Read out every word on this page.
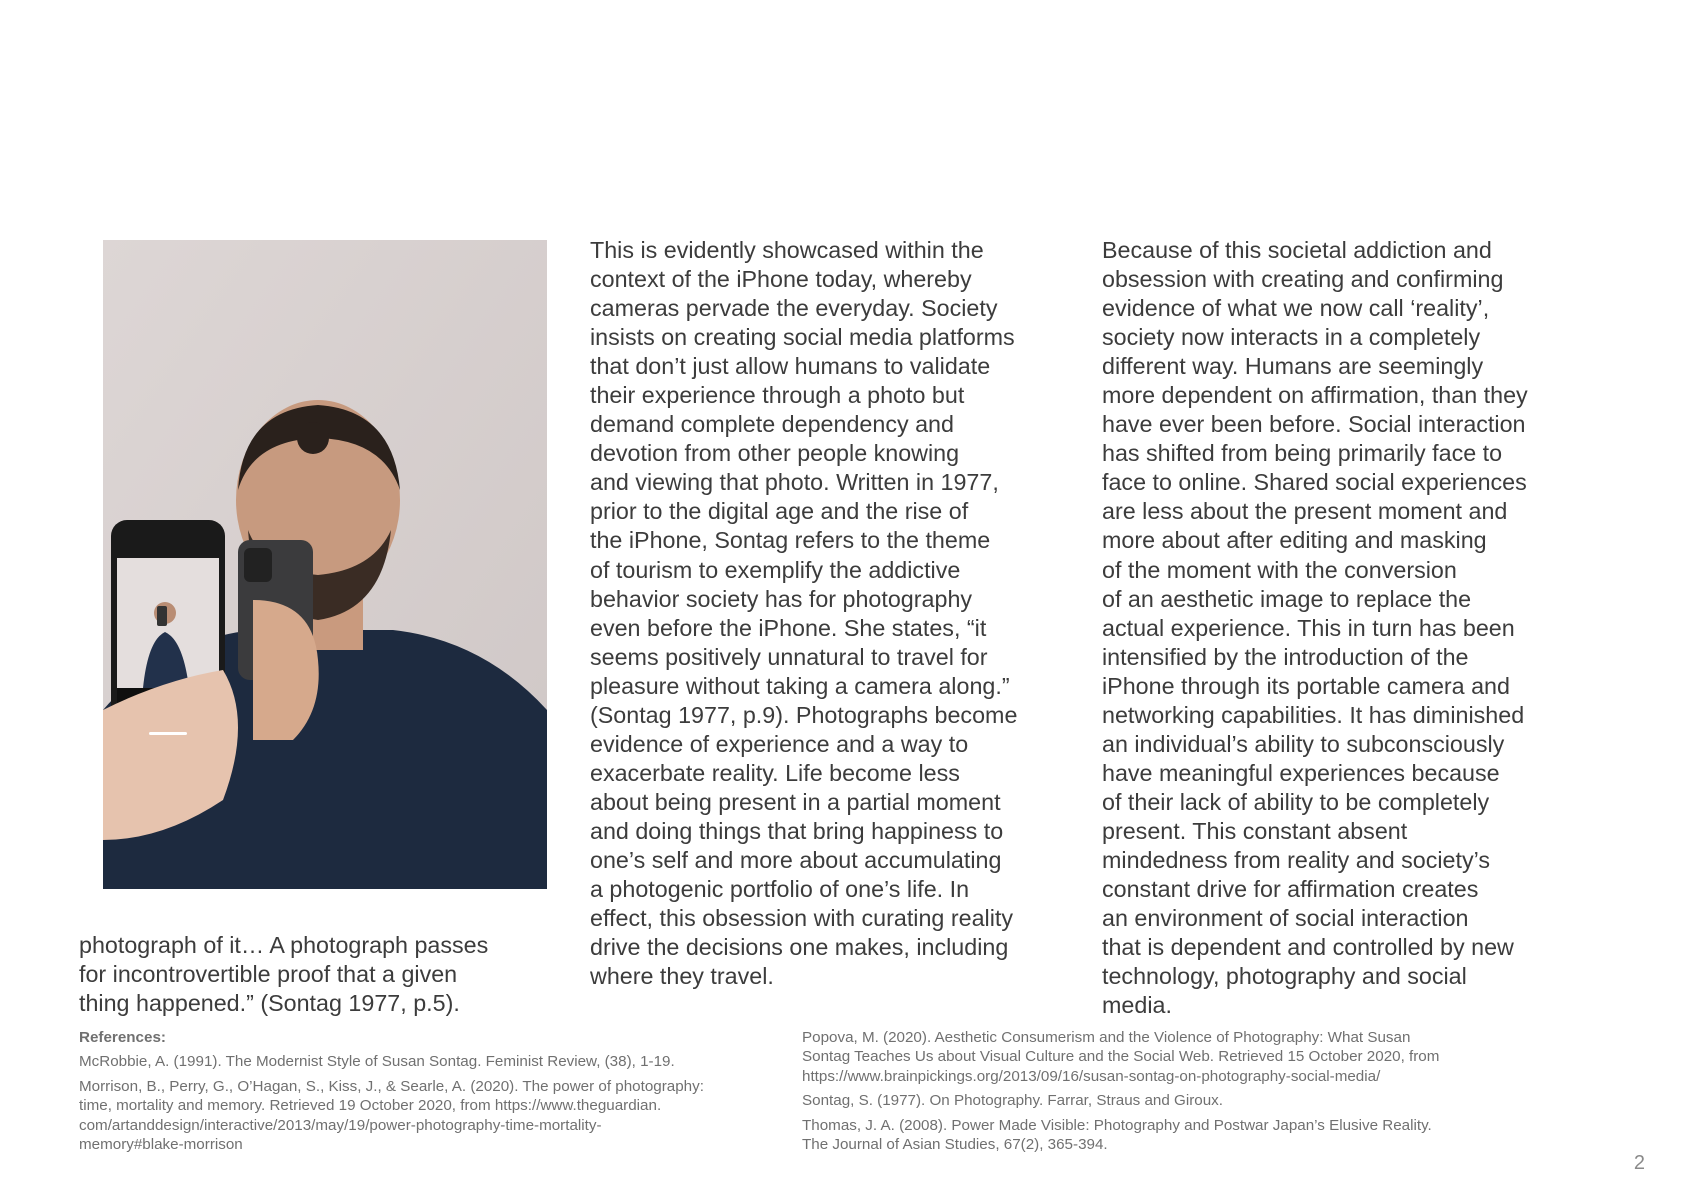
photograph of it… A photograph passes
for incontrovertible proof that a given
thing happened.” (Sontag 1977, p.5).

This is evidently showcased within the
context of the iPhone today, whereby
cameras pervade the everyday. Society
insists on creating social media platforms
that don’t just allow humans to validate
their experience through a photo but
demand complete dependency and
devotion from other people knowing
and viewing that photo. Written in 1977,
prior to the digital age and the rise of
the iPhone, Sontag refers to the theme
of tourism to exemplify the addictive
behavior society has for photography
even before the iPhone. She states, “it
seems positively unnatural to travel for
pleasure without taking a camera along.”
(Sontag 1977, p.9). Photographs become
evidence of experience and a way to
exacerbate reality. Life become less
about being present in a partial moment
and doing things that bring happiness to
one’s self and more about accumulating
a photogenic portfolio of one’s life. In
effect, this obsession with curating reality
drive the decisions one makes, including
where they travel.

Because of this societal addiction and
obsession with creating and confirming
evidence of what we now call ‘reality’,
society now interacts in a completely
different way. Humans are seemingly
more dependent on affirmation, than they
have ever been before. Social interaction
has shifted from being primarily face to
face to online. Shared social experiences
are less about the present moment and
more about after editing and masking
of the moment with the conversion
of an aesthetic image to replace the
actual experience. This in turn has been
intensified by the introduction of the
iPhone through its portable camera and
networking capabilities. It has diminished
an individual’s ability to subconsciously
have meaningful experiences because
of their lack of ability to be completely
present. This constant absent
mindedness from reality and society’s
constant drive for affirmation creates
an environment of social interaction
that is dependent and controlled by new
technology, photography and social
media.

References:
McRobbie, A. (1991). The Modernist Style of Susan Sontag. Feminist Review, (38), 1-19.
Morrison, B., Perry, G., O’Hagan, S., Kiss, J., & Searle, A. (2020). The power of photography:
time, mortality and memory. Retrieved 19 October 2020, from https://www.theguardian.
com/artanddesign/interactive/2013/may/19/power-photography-time-mortality-
memory#blake-morrison
Popova, M. (2020). Aesthetic Consumerism and the Violence of Photography: What Susan
Sontag Teaches Us about Visual Culture and the Social Web. Retrieved 15 October 2020, from
https://www.brainpickings.org/2013/09/16/susan-sontag-on-photography-social-media/
Sontag, S. (1977). On Photography. Farrar, Straus and Giroux.
Thomas, J. A. (2008). Power Made Visible: Photography and Postwar Japan’s Elusive Reality.
The Journal of Asian Studies, 67(2), 365-394.
2
